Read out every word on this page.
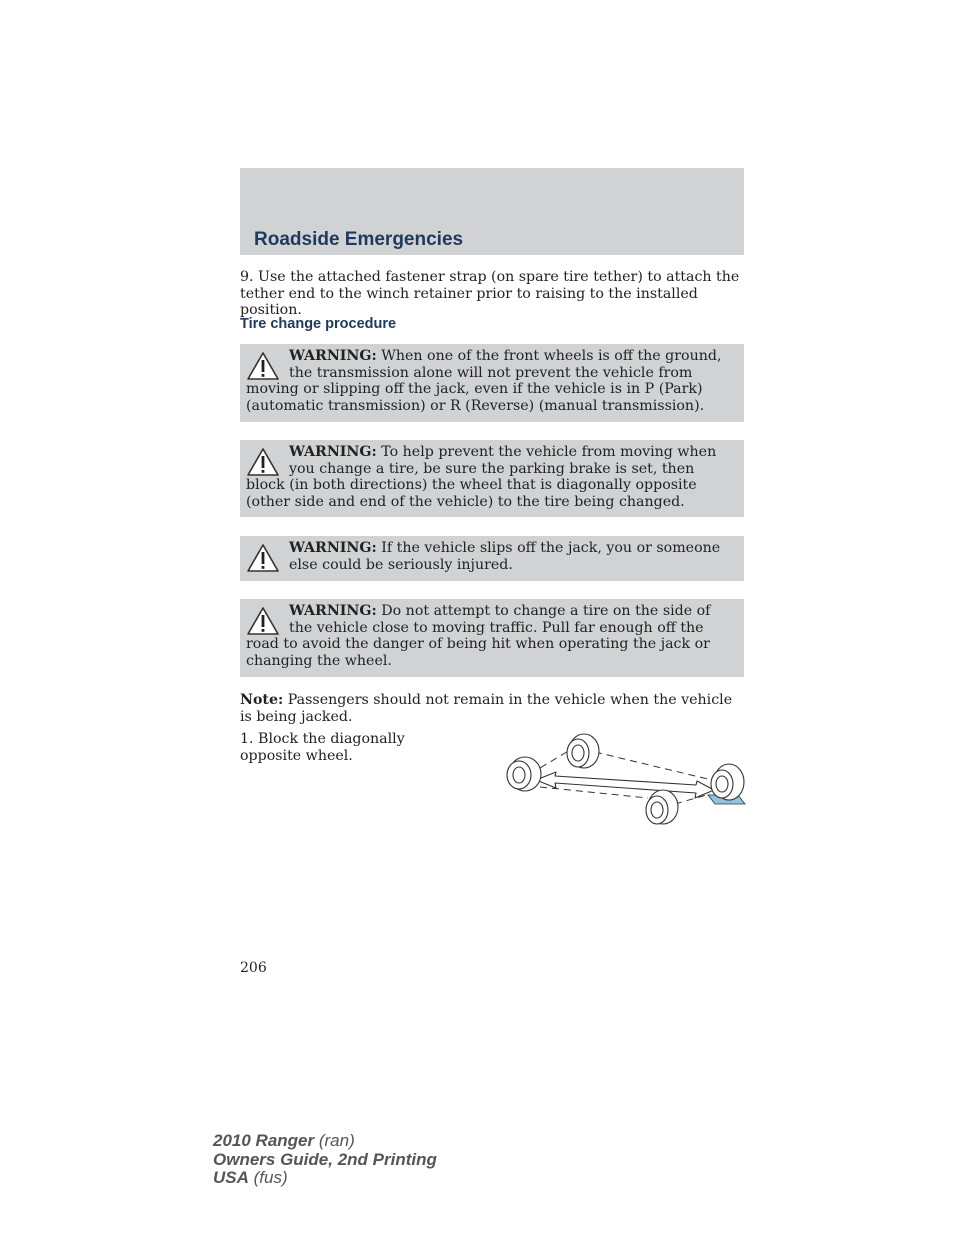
Roadside Emergencies

9. Use the attached fastener strap (on spare tire tether) to attach the tether end to the winch retainer prior to raising to the installed position.

Tire change procedure

WARNING: When one of the front wheels is off the ground, the transmission alone will not prevent the vehicle from moving or slipping off the jack, even if the vehicle is in P (Park) (automatic transmission) or R (Reverse) (manual transmission).

WARNING: To help prevent the vehicle from moving when you change a tire, be sure the parking brake is set, then block (in both directions) the wheel that is diagonally opposite (other side and end of the vehicle) to the tire being changed.

WARNING: If the vehicle slips off the jack, you or someone else could be seriously injured.

WARNING: Do not attempt to change a tire on the side of the vehicle close to moving traffic. Pull far enough off the road to avoid the danger of being hit when operating the jack or changing the wheel.

Note: Passengers should not remain in the vehicle when the vehicle is being jacked.

1. Block the diagonally opposite wheel.

206

2010 Ranger (ran)
Owners Guide, 2nd Printing
USA (fus)
